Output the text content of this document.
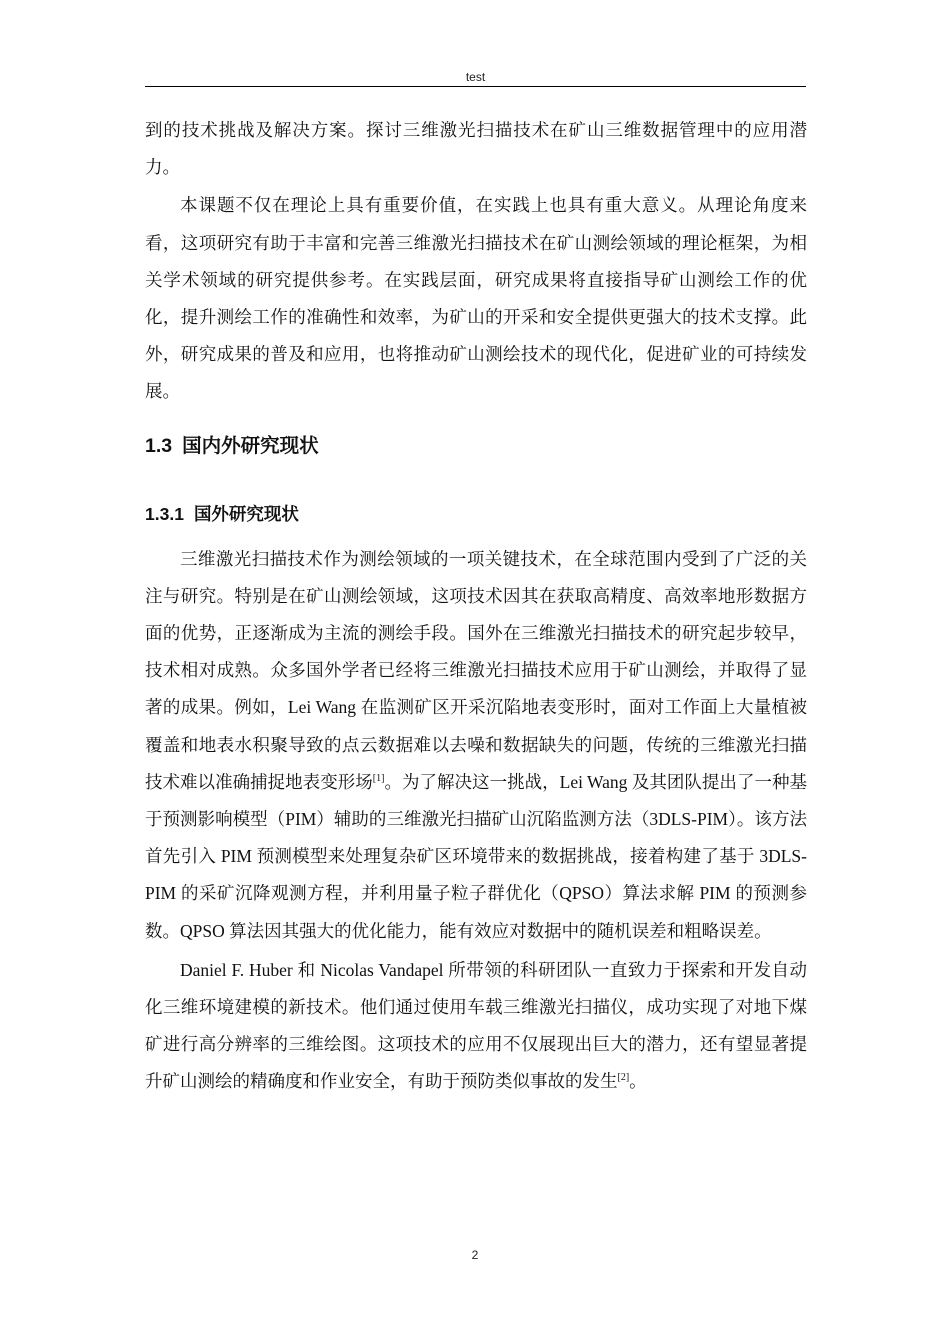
test

到的技术挑战及解决方案。探讨三维激光扫描技术在矿山三维数据管理中的应用潜力。

本课题不仅在理论上具有重要价值，在实践上也具有重大意义。从理论角度来看，这项研究有助于丰富和完善三维激光扫描技术在矿山测绘领域的理论框架，为相关学术领域的研究提供参考。在实践层面，研究成果将直接指导矿山测绘工作的优化，提升测绘工作的准确性和效率，为矿山的开采和安全提供更强大的技术支撑。此外，研究成果的普及和应用，也将推动矿山测绘技术的现代化，促进矿业的可持续发展。

1.3 国内外研究现状
1.3.1 国外研究现状

三维激光扫描技术作为测绘领域的一项关键技术，在全球范围内受到了广泛的关注与研究。特别是在矿山测绘领域，这项技术因其在获取高精度、高效率地形数据方面的优势，正逐渐成为主流的测绘手段。国外在三维激光扫描技术的研究起步较早，技术相对成熟。众多国外学者已经将三维激光扫描技术应用于矿山测绘，并取得了显著的成果。例如，Lei Wang 在监测矿区开采沉陷地表变形时，面对工作面上大量植被覆盖和地表水积聚导致的点云数据难以去噪和数据缺失的问题，传统的三维激光扫描技术难以准确捕捉地表变形场[1]。为了解决这一挑战，Lei Wang 及其团队提出了一种基于预测影响模型（PIM）辅助的三维激光扫描矿山沉陷监测方法（3DLS-PIM）。该方法首先引入 PIM 预测模型来处理复杂矿区环境带来的数据挑战，接着构建了基于 3DLS-PIM 的采矿沉降观测方程，并利用量子粒子群优化（QPSO）算法求解 PIM 的预测参数。QPSO 算法因其强大的优化能力，能有效应对数据中的随机误差和粗略误差。

Daniel F. Huber 和 Nicolas Vandapel 所带领的科研团队一直致力于探索和开发自动化三维环境建模的新技术。他们通过使用车载三维激光扫描仪，成功实现了对地下煤矿进行高分辨率的三维绘图。这项技术的应用不仅展现出巨大的潜力，还有望显著提升矿山测绘的精确度和作业安全，有助于预防类似事故的发生[2]。

2
